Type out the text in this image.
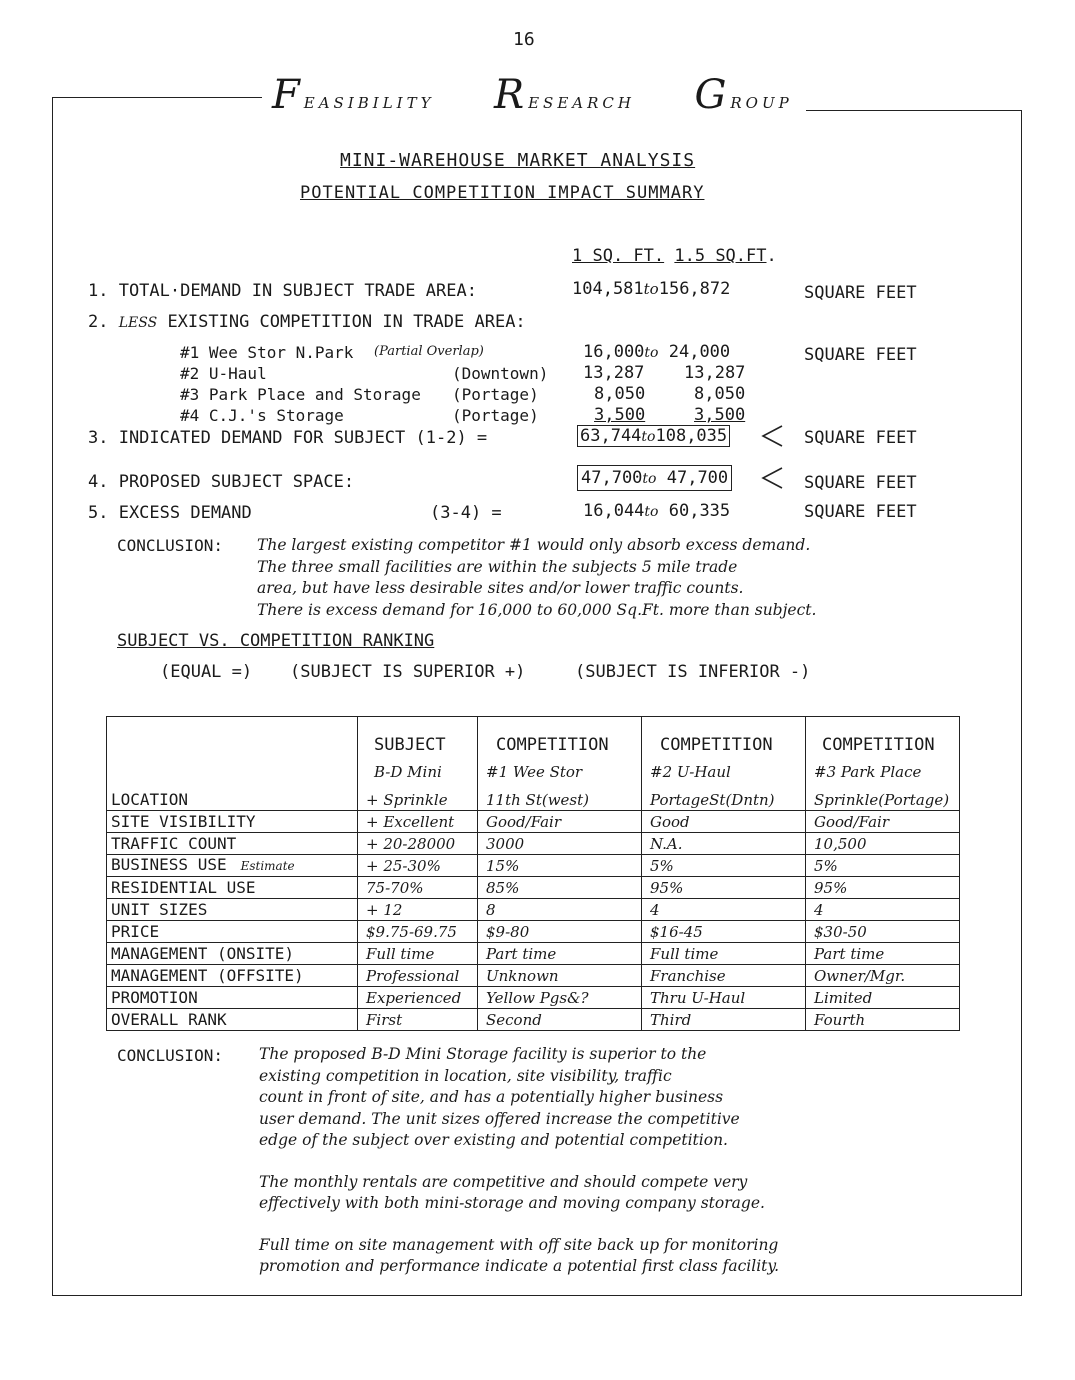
16
FEASIBILITY RESEARCH GROUP
MINI-WAREHOUSE MARKET ANALYSIS
POTENTIAL COMPETITION IMPACT SUMMARY
1 SQ. FT. 1.5 SQ.FT.
1. TOTAL·DEMAND IN SUBJECT TRADE AREA:	104,581to156,872	SQUARE FEET
2. LESS EXISTING COMPETITION IN TRADE AREA:
#1 Wee Stor N.Park (Partial Overlap)	16,000to 24,000	SQUARE FEET
#2 U-Haul	(Downtown) 13,287 13,287
#3 Park Place and Storage (Portage)	8,050	8,050
#4 C.J.'s Storage	(Portage)	3,500	3,500
3. INDICATED DEMAND FOR SUBJECT (1-2) =	63,744to108,035	SQUARE FEET
4. PROPOSED SUBJECT SPACE:	47,700to 47,700	SQUARE FEET
5. EXCESS DEMAND	(3-4) =	16,044to 60,335	SQUARE FEET
CONCLUSION: The largest existing competitor #1 would only absorb excess demand.
The three small facilities are within the subjects 5 mile trade
area, but have less desirable sites and/or lower traffic counts.
There is excess demand for 16,000 to 60,000 Sq.Ft. more than subject.
SUBJECT VS. COMPETITION RANKING
(EQUAL =) (SUBJECT IS SUPERIOR +)	(SUBJECT IS INFERIOR -)

	SUBJECT	COMPETITION	COMPETITION	COMPETITION
	B-D Mini	#1 Wee Stor	#2 U-Haul	#3 Park Place
LOCATION	+ Sprinkle	11th St(west)	PortageSt(Dntn)	Sprinkle(Portage)
SITE VISIBILITY	+ Excellent	Good/Fair	Good	Good/Fair
TRAFFIC COUNT	+ 20-28000	3000	N.A.	10,500
BUSINESS USE Estimate	+ 25-30%	15%	5%	5%
RESIDENTIAL USE	75-70%	85%	95%	95%
UNIT SIZES	+ 12	8	4	4
PRICE	$9.75-69.75	$9-80	$16-45	$30-50
MANAGEMENT (ONSITE)	Full time	Part time	Full time	Part time
MANAGEMENT (OFFSITE)	Professional	Unknown	Franchise	Owner/Mgr.
PROMOTION	Experienced	Yellow Pgs&?	Thru U-Haul	Limited
OVERALL RANK	First	Second	Third	Fourth
CONCLUSION: The proposed B-D Mini Storage facility is superior to the
existing competition in location, site visibility, traffic
count in front of site, and has a potentially higher business
user demand. The unit sizes offered increase the competitive
edge of the subject over existing and potential competition.
The monthly rentals are competitive and should compete very
effectively with both mini-storage and moving company storage.
Full time on site management with off site back up for monitoring
promotion and performance indicate a potential first class facility.
